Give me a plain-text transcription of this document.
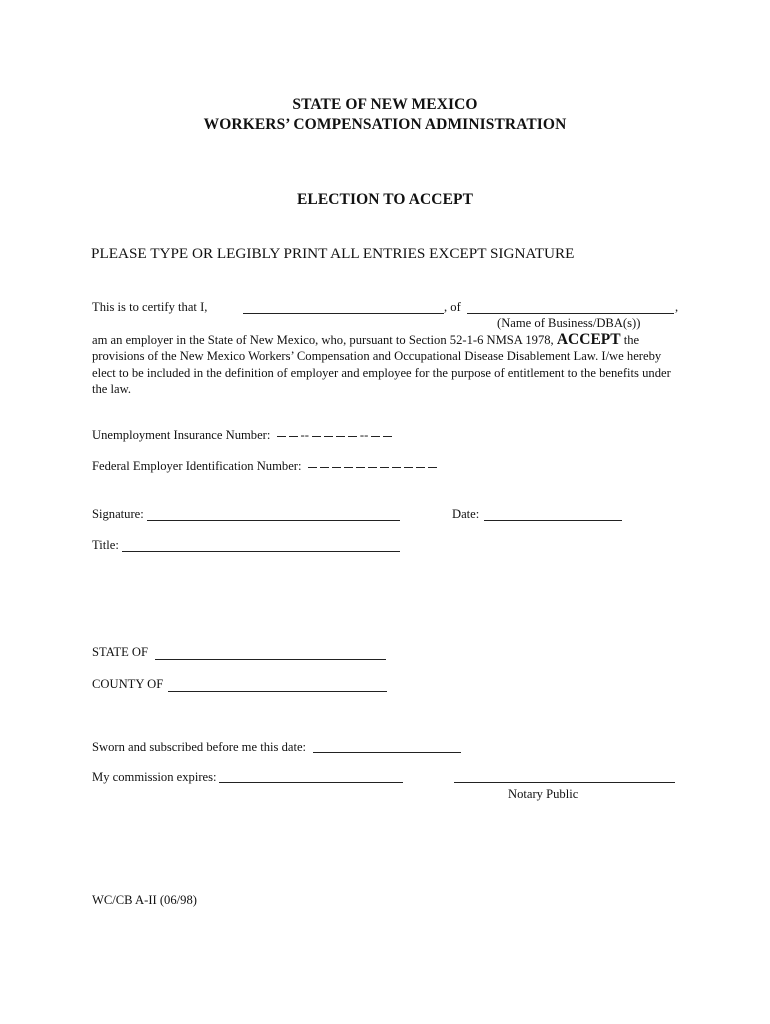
STATE OF NEW MEXICO
WORKERS’ COMPENSATION ADMINISTRATION
ELECTION TO ACCEPT
PLEASE TYPE OR LEGIBLY PRINT ALL ENTRIES EXCEPT SIGNATURE
This is to certify that I,	, of	,
(Name of Business/DBA(s))
am an employer in the State of New Mexico, who, pursuant to Section 52-1-6 NMSA 1978, ACCEPT the provisions of the New Mexico Workers’ Compensation and Occupational Disease Disablement Law. I/we hereby elect to be included in the definition of employer and employee for the purpose of entitlement to the benefits under the law.
Unemployment Insurance Number: --	--
Federal Employer Identification Number:
Signature:	Date:
Title:
STATE OF
COUNTY OF
Sworn and subscribed before me this date:
My commission expires:
Notary Public
WC/CB A-II (06/98)
